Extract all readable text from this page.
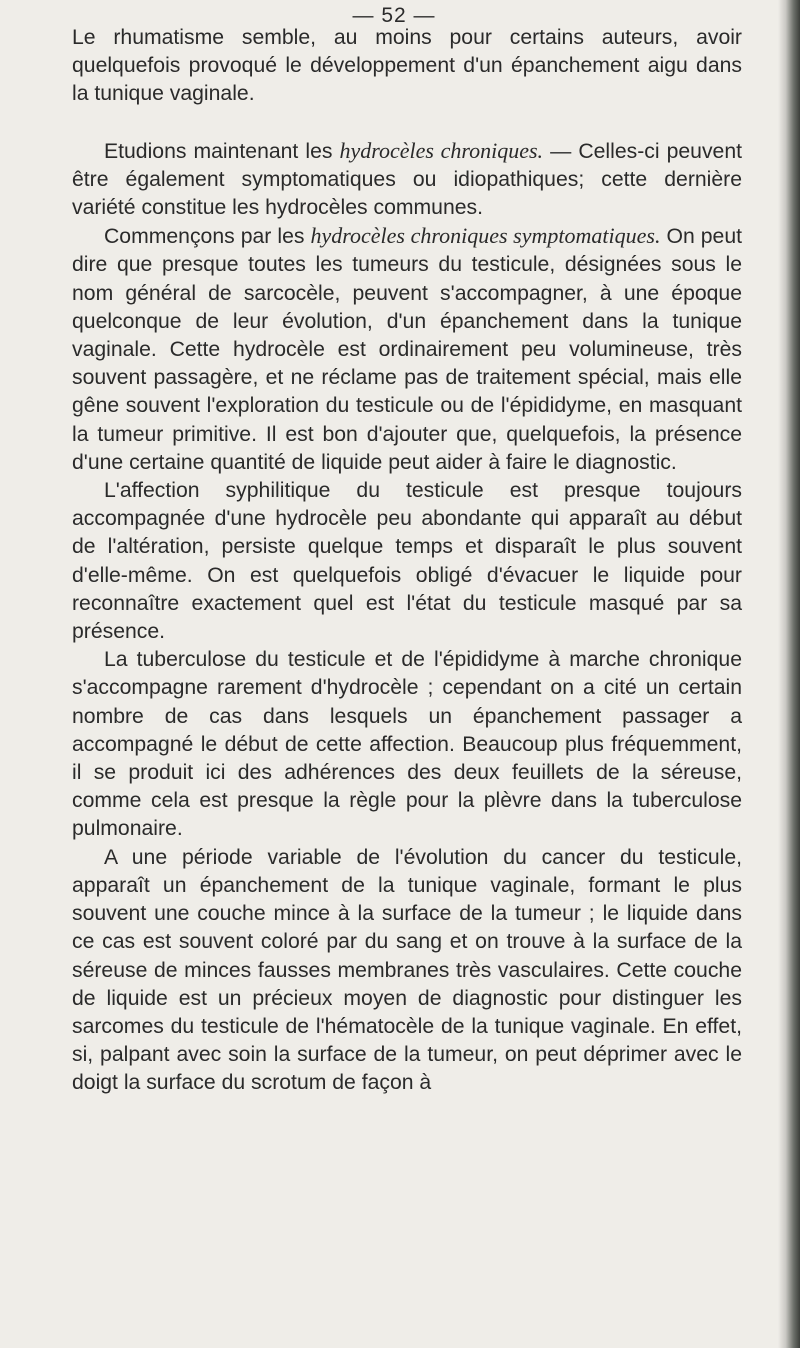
— 52 —

Le rhumatisme semble, au moins pour certains auteurs, avoir quelquefois provoqué le développement d'un épanchement aigu dans la tunique vaginale.

Etudions maintenant les hydrocèles chroniques. — Celles-ci peuvent être également symptomatiques ou idiopathiques; cette dernière variété constitue les hydrocèles communes.

Commençons par les hydrocèles chroniques symptomatiques. On peut dire que presque toutes les tumeurs du testicule, désignées sous le nom général de sarcocèle, peuvent s'accompagner, à une époque quelconque de leur évolution, d'un épanchement dans la tunique vaginale. Cette hydrocèle est ordinairement peu volumineuse, très souvent passagère, et ne réclame pas de traitement spécial, mais elle gêne souvent l'exploration du testicule ou de l'épididyme, en masquant la tumeur primitive. Il est bon d'ajouter que, quelquefois, la présence d'une certaine quantité de liquide peut aider à faire le diagnostic.

L'affection syphilitique du testicule est presque toujours accompagnée d'une hydrocèle peu abondante qui apparaît au début de l'altération, persiste quelque temps et disparaît le plus souvent d'elle-même. On est quelquefois obligé d'évacuer le liquide pour reconnaître exactement quel est l'état du testicule masqué par sa présence.

La tuberculose du testicule et de l'épididyme à marche chronique s'accompagne rarement d'hydrocèle ; cependant on a cité un certain nombre de cas dans lesquels un épanchement passager a accompagné le début de cette affection. Beaucoup plus fréquemment, il se produit ici des adhérences des deux feuillets de la séreuse, comme cela est presque la règle pour la plèvre dans la tuberculose pulmonaire.

A une période variable de l'évolution du cancer du testicule, apparaît un épanchement de la tunique vaginale, formant le plus souvent une couche mince à la surface de la tumeur ; le liquide dans ce cas est souvent coloré par du sang et on trouve à la surface de la séreuse de minces fausses membranes très vasculaires. Cette couche de liquide est un précieux moyen de diagnostic pour distinguer les sarcomes du testicule de l'hématocèle de la tunique vaginale. En effet, si, palpant avec soin la surface de la tumeur, on peut déprimer avec le doigt la surface du scrotum de façon à
